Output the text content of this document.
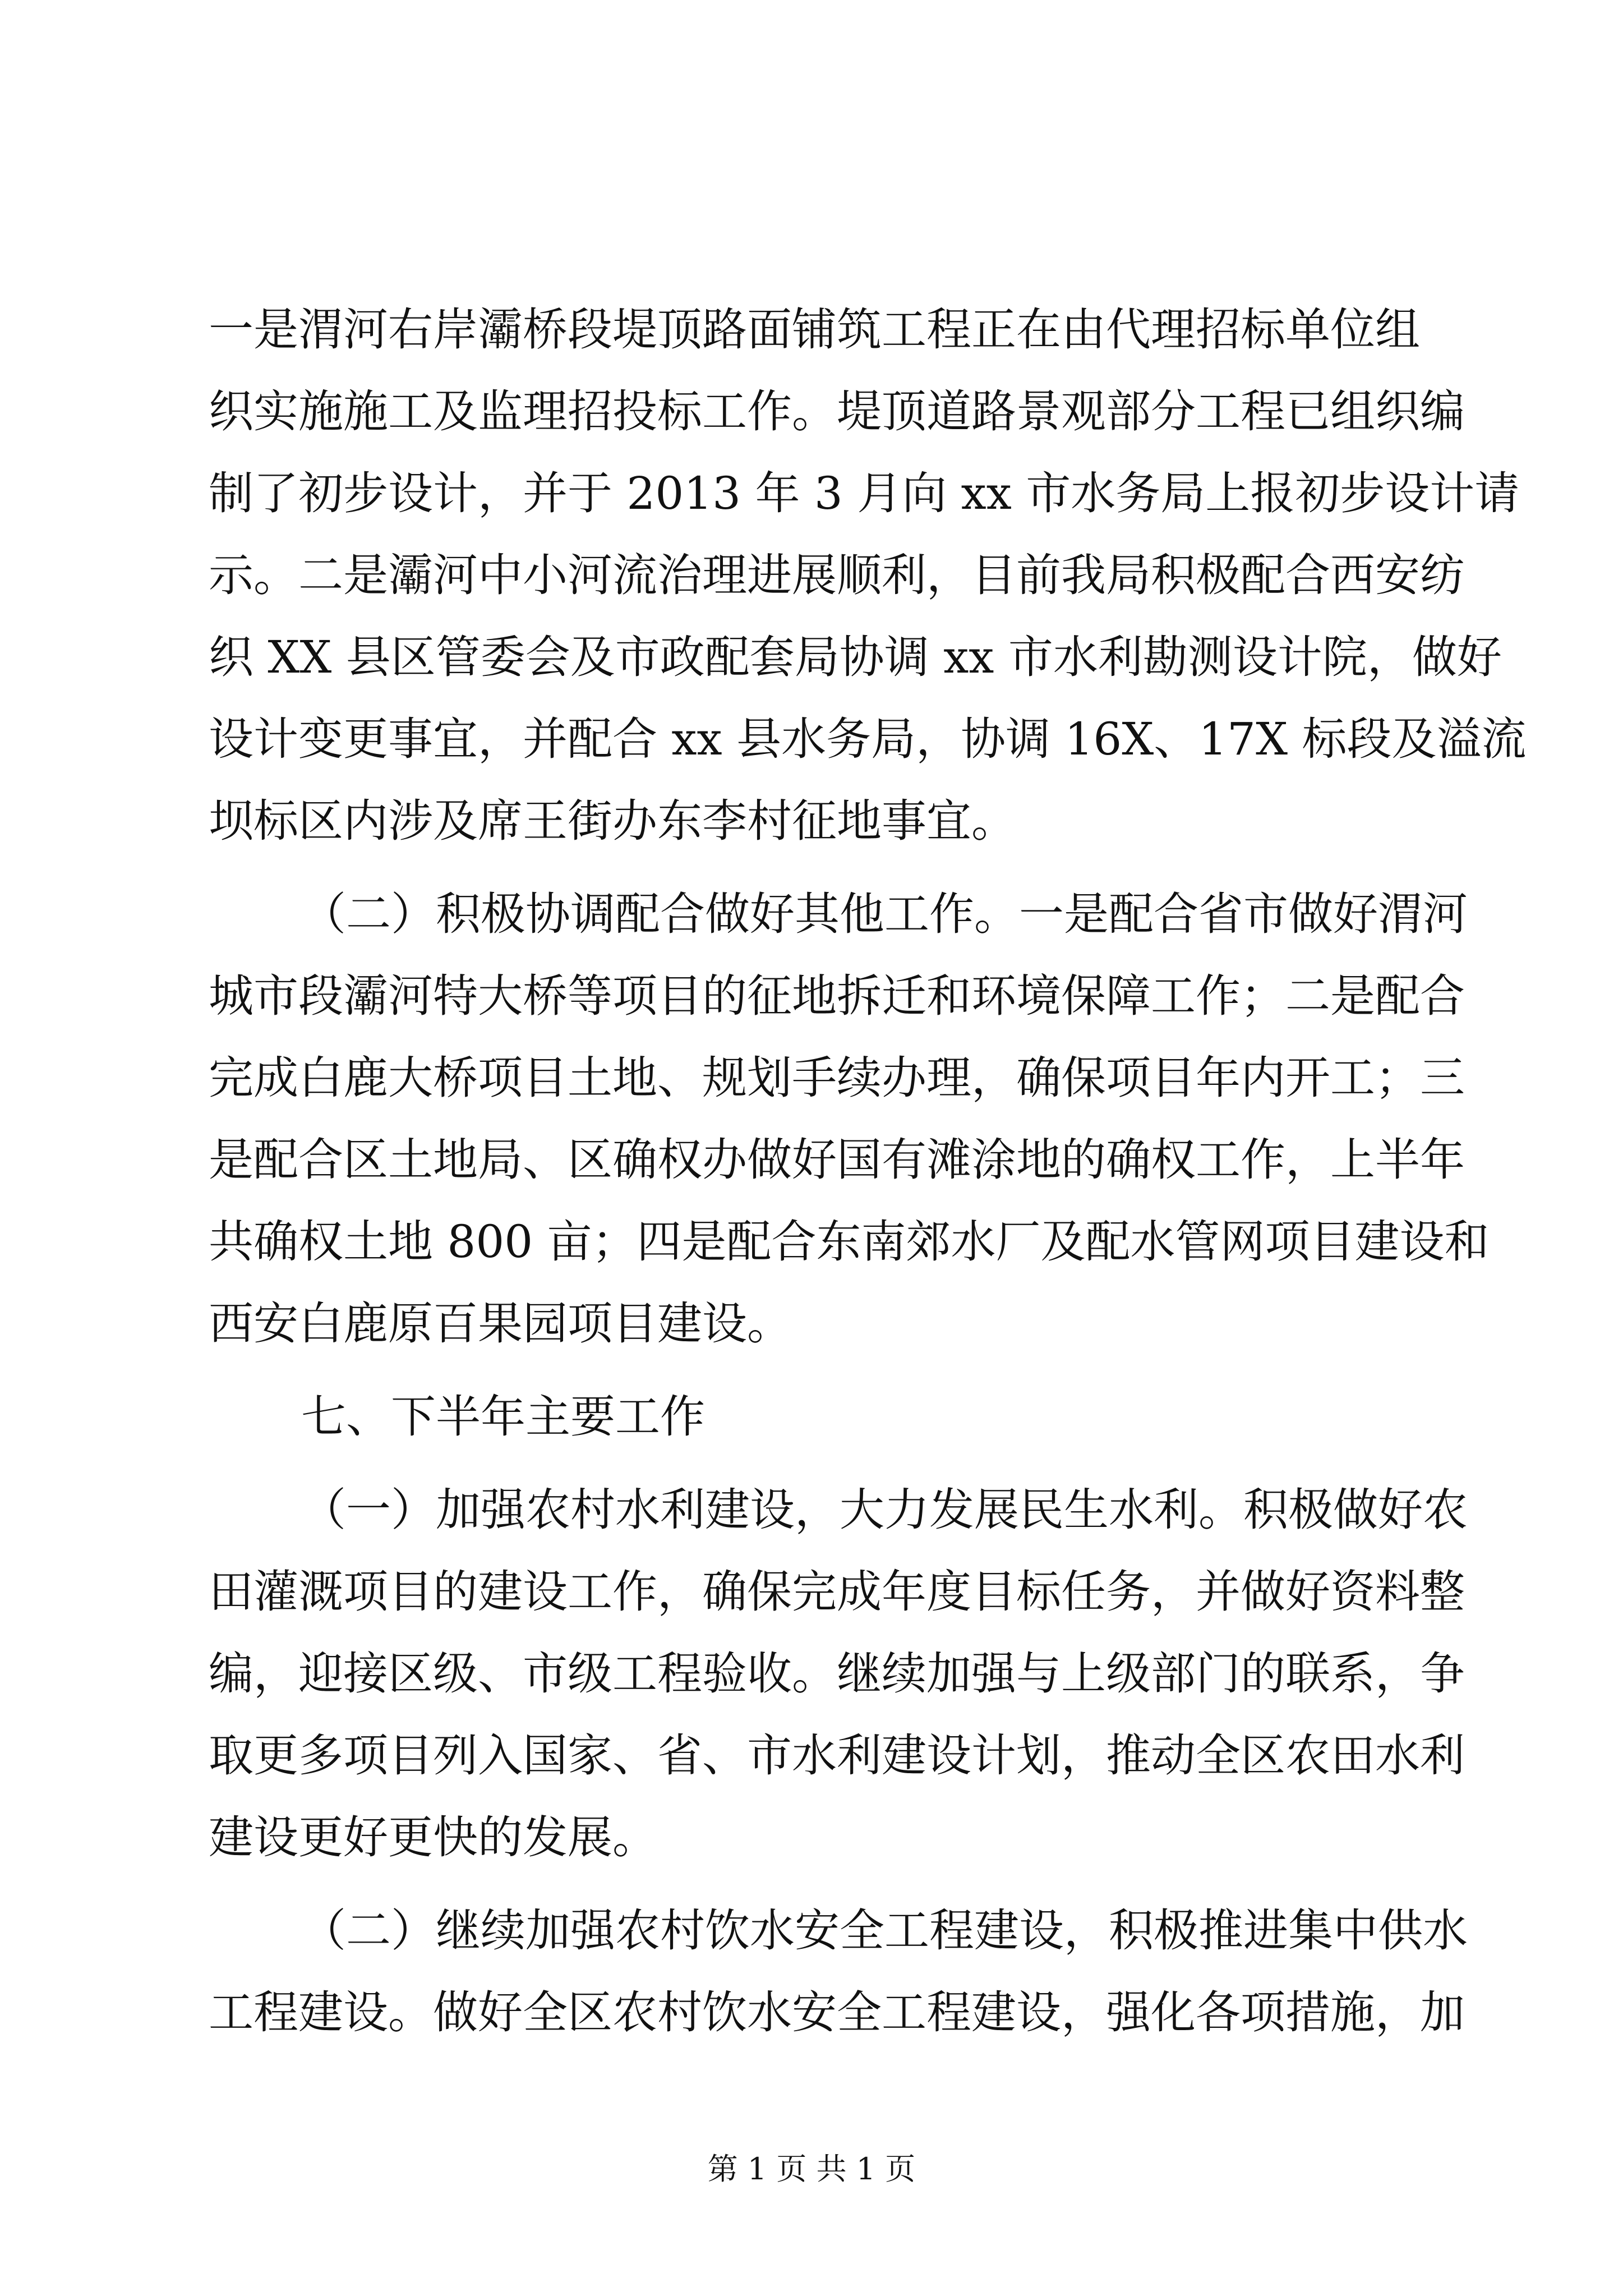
一是渭河右岸灞桥段堤顶路面铺筑工程正在由代理招标单位组
织实施施工及监理招投标工作。堤顶道路景观部分工程已组织编
制了初步设计，并于 2013 年 3 月向 xx 市水务局上报初步设计请
示。二是灞河中小河流治理进展顺利，目前我局积极配合西安纺
织 XX 县区管委会及市政配套局协调 xx 市水利勘测设计院，做好
设计变更事宜，并配合 xx 县水务局，协调 16X、17X 标段及溢流
坝标区内涉及席王街办东李村征地事宜。
（二）积极协调配合做好其他工作。一是配合省市做好渭河
城市段灞河特大桥等项目的征地拆迁和环境保障工作；二是配合
完成白鹿大桥项目土地、规划手续办理，确保项目年内开工；三
是配合区土地局、区确权办做好国有滩涂地的确权工作，上半年
共确权土地 800 亩；四是配合东南郊水厂及配水管网项目建设和
西安白鹿原百果园项目建设。
七、下半年主要工作
（一）加强农村水利建设，大力发展民生水利。积极做好农
田灌溉项目的建设工作，确保完成年度目标任务，并做好资料整
编，迎接区级、市级工程验收。继续加强与上级部门的联系，争
取更多项目列入国家、省、市水利建设计划，推动全区农田水利
建设更好更快的发展。
（二）继续加强农村饮水安全工程建设，积极推进集中供水
工程建设。做好全区农村饮水安全工程建设，强化各项措施，加
第 1 页 共 1 页
